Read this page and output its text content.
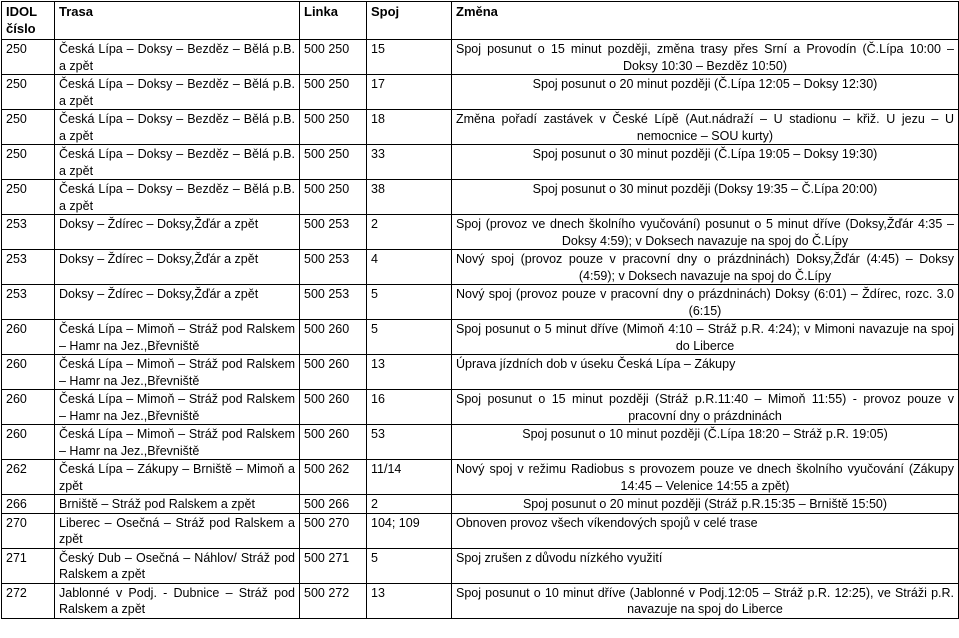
IDOL číslo	Trasa	Linka	Spoj	Změna
250	Česká Lípa – Doksy – Bezděz – Bělá p.B. a zpět	500 250	15	Spoj posunut o 15 minut později, změna trasy přes Srní a Provodín (Č.Lípa 10:00 – Doksy 10:30 – Bezděz 10:50)
250	Česká Lípa – Doksy – Bezděz – Bělá p.B. a zpět	500 250	17	Spoj posunut o 20 minut později (Č.Lípa 12:05 – Doksy 12:30)
250	Česká Lípa – Doksy – Bezděz – Bělá p.B. a zpět	500 250	18	Změna pořadí zastávek v České Lípě (Aut.nádraží – U stadionu – křiž. U jezu – U nemocnice – SOU kurty)
250	Česká Lípa – Doksy – Bezděz – Bělá p.B. a zpět	500 250	33	Spoj posunut o 30 minut později (Č.Lípa 19:05 – Doksy 19:30)
250	Česká Lípa – Doksy – Bezděz – Bělá p.B. a zpět	500 250	38	Spoj posunut o 30 minut později (Doksy 19:35 – Č.Lípa 20:00)
253	Doksy – Ždírec – Doksy,Žďár a zpět	500 253	2	Spoj (provoz ve dnech školního vyučování) posunut o 5 minut dříve (Doksy,Žďár 4:35 – Doksy 4:59); v Doksech navazuje na spoj do Č.Lípy
253	Doksy – Ždírec – Doksy,Žďár a zpět	500 253	4	Nový spoj (provoz pouze v pracovní dny o prázdninách) Doksy,Žďár (4:45) – Doksy (4:59); v Doksech navazuje na spoj do Č.Lípy
253	Doksy – Ždírec – Doksy,Žďár a zpět	500 253	5	Nový spoj (provoz pouze v pracovní dny o prázdninách) Doksy (6:01) – Ždírec, rozc. 3.0 (6:15)
260	Česká Lípa – Mimoň – Stráž pod Ralskem – Hamr na Jez.,Břevniště	500 260	5	Spoj posunut o 5 minut dříve (Mimoň 4:10 – Stráž p.R. 4:24); v Mimoni navazuje na spoj do Liberce
260	Česká Lípa – Mimoň – Stráž pod Ralskem – Hamr na Jez.,Břevniště	500 260	13	Úprava jízdních dob v úseku Česká Lípa – Zákupy
260	Česká Lípa – Mimoň – Stráž pod Ralskem – Hamr na Jez.,Břevniště	500 260	16	Spoj posunut o 15 minut později (Stráž p.R.11:40 – Mimoň 11:55) - provoz pouze v pracovní dny o prázdninách
260	Česká Lípa – Mimoň – Stráž pod Ralskem – Hamr na Jez.,Břevniště	500 260	53	Spoj posunut o 10 minut později (Č.Lípa 18:20 – Stráž p.R. 19:05)
262	Česká Lípa – Zákupy – Brniště – Mimoň a zpět	500 262	11/14	Nový spoj v režimu Radiobus s provozem pouze ve dnech školního vyučování (Zákupy 14:45 – Velenice 14:55 a zpět)
266	Brniště – Stráž pod Ralskem a zpět	500 266	2	Spoj posunut o 20 minut později (Stráž p.R.15:35 – Brniště 15:50)
270	Liberec – Osečná – Stráž pod Ralskem a zpět	500 270	104; 109	Obnoven provoz všech víkendových spojů v celé trase
271	Český Dub – Osečná – Náhlov/ Stráž pod Ralskem a zpět	500 271	5	Spoj zrušen z důvodu nízkého využití
272	Jablonné v Podj. - Dubnice – Stráž pod Ralskem a zpět	500 272	13	Spoj posunut o 10 minut dříve (Jablonné v Podj.12:05 – Stráž p.R. 12:25), ve Stráži p.R. navazuje na spoj do Liberce
